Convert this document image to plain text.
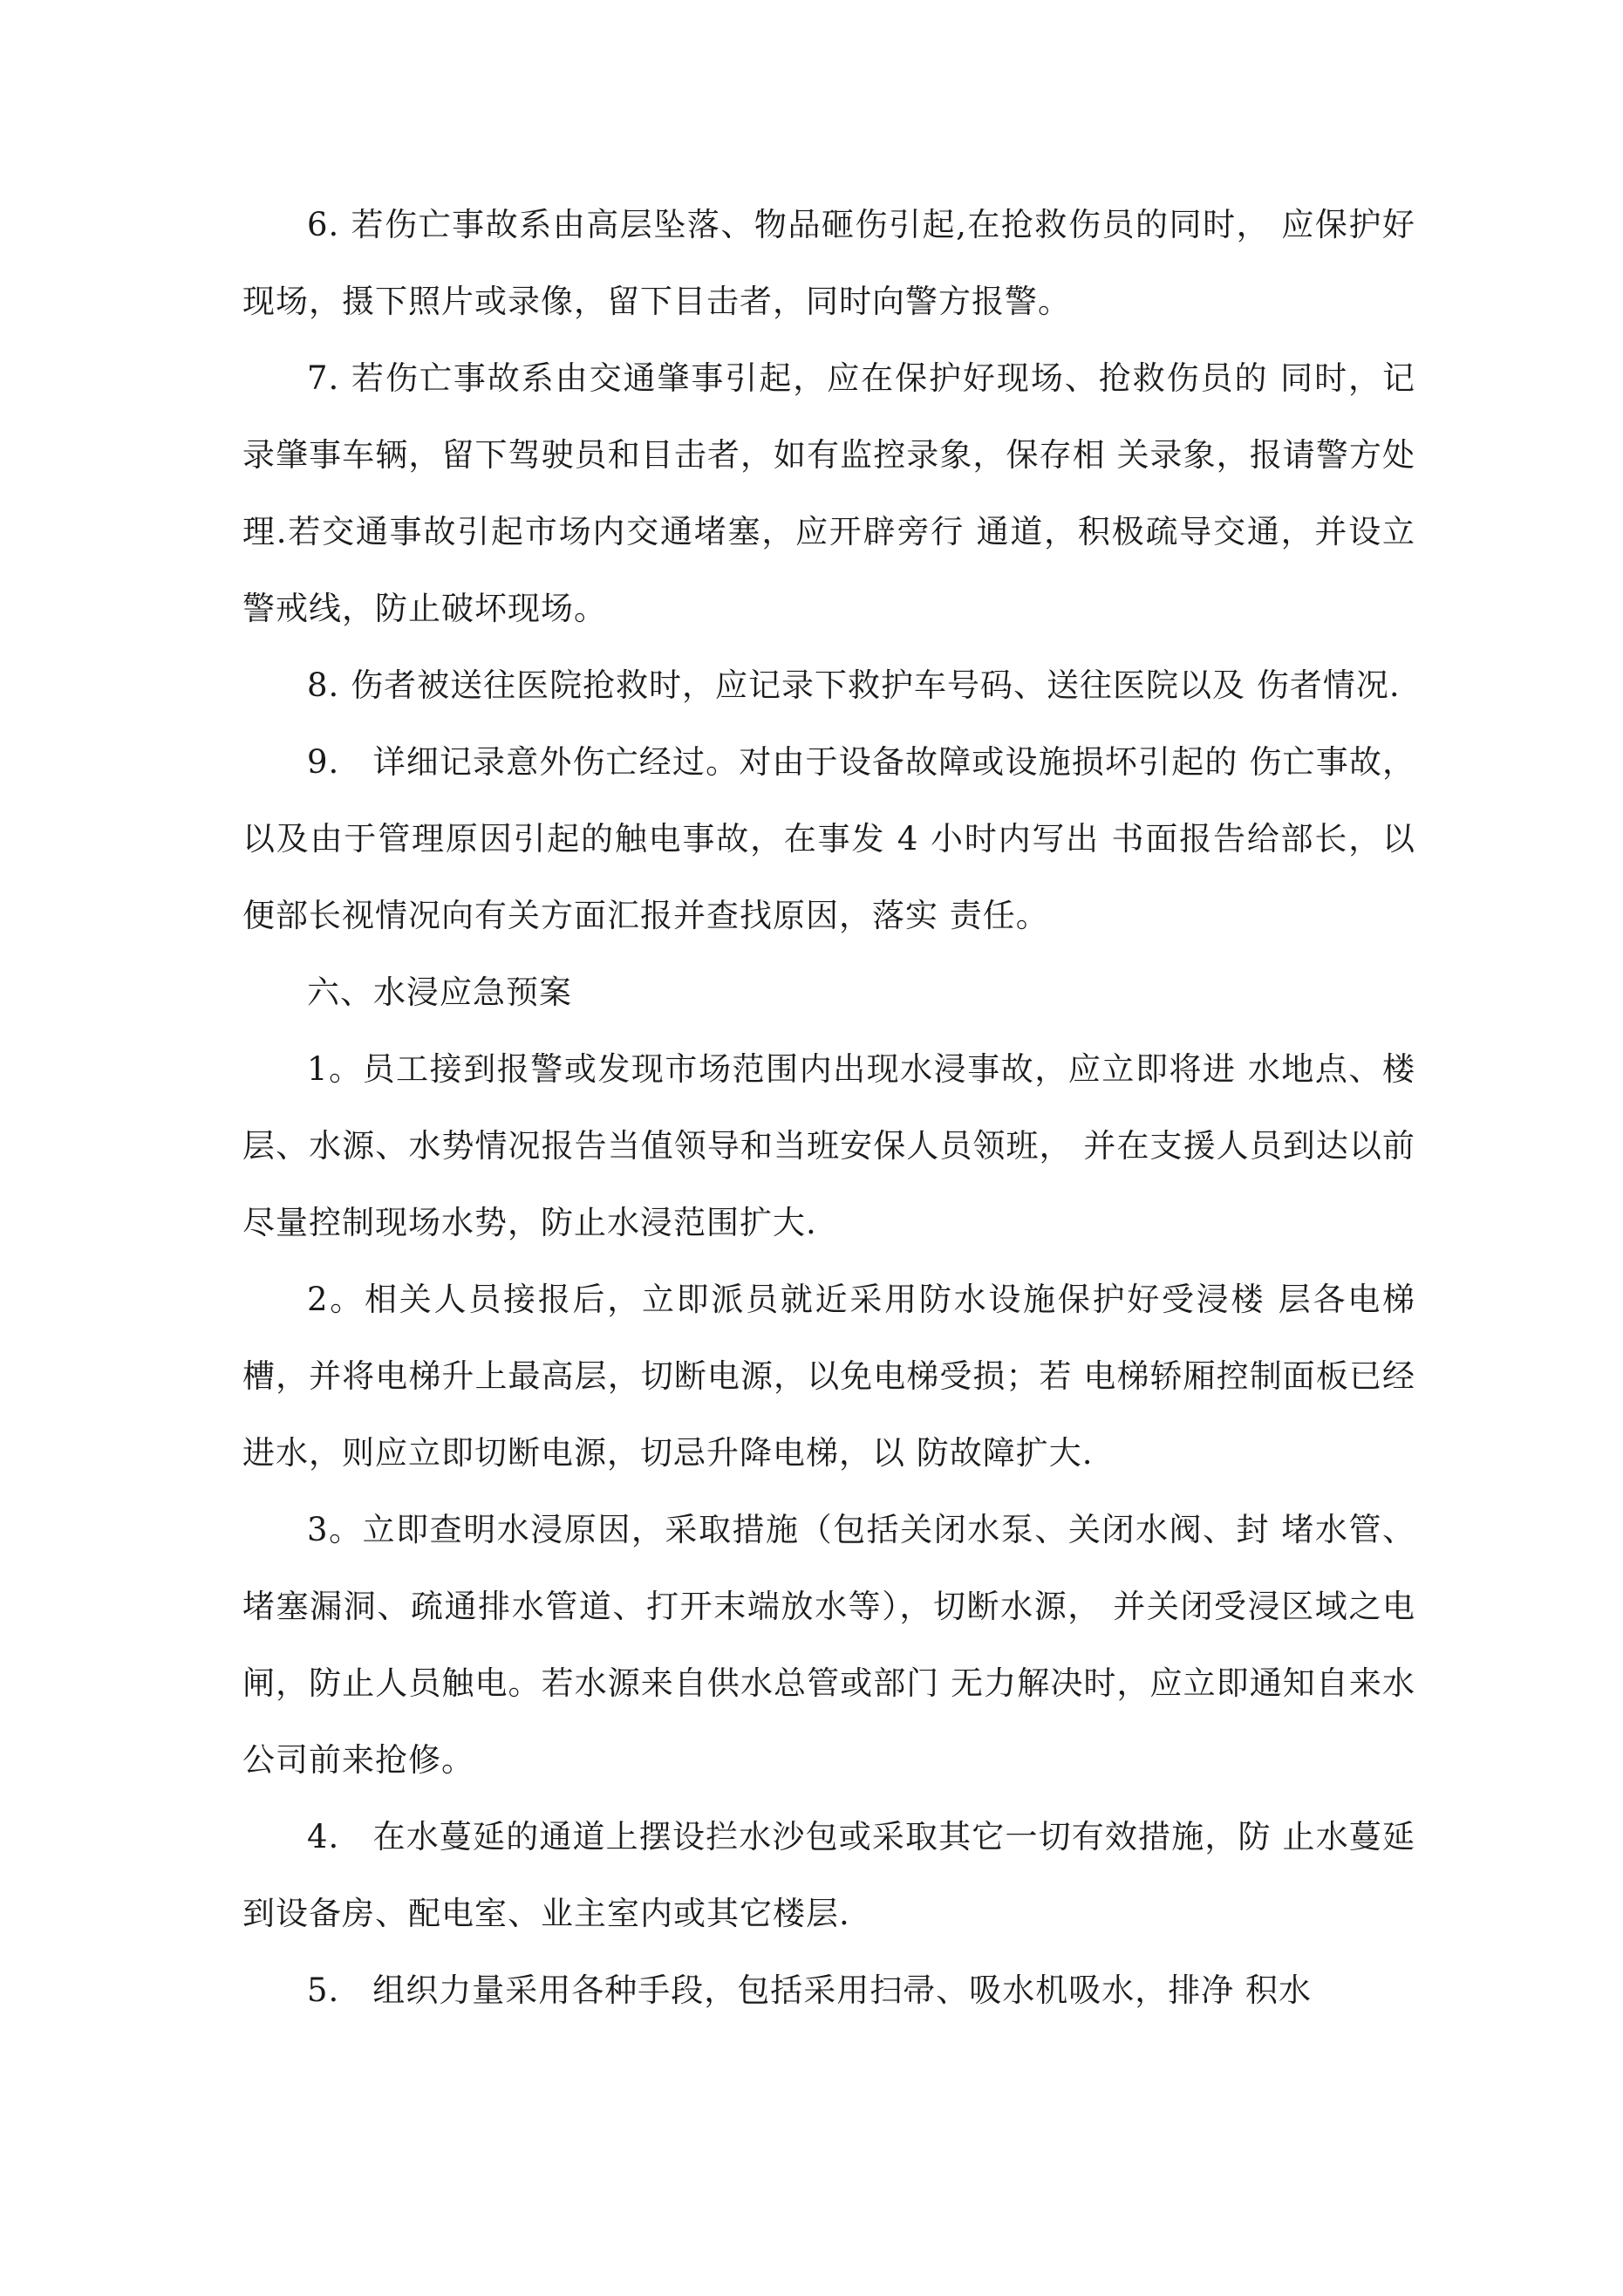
6. 若伤亡事故系由高层坠落、物品砸伤引起,在抢救伤员的同时， 应保护好现场，摄下照片或录像，留下目击者，同时向警方报警。

7. 若伤亡事故系由交通肇事引起，应在保护好现场、抢救伤员的 同时，记录肇事车辆，留下驾驶员和目击者，如有监控录象，保存相 关录象，报请警方处理.若交通事故引起市场内交通堵塞，应开辟旁行 通道，积极疏导交通，并设立警戒线，防止破坏现场。

8. 伤者被送往医院抢救时，应记录下救护车号码、送往医院以及 伤者情况.

9.　详细记录意外伤亡经过。对由于设备故障或设施损坏引起的 伤亡事故，以及由于管理原因引起的触电事故，在事发 4 小时内写出 书面报告给部长，以便部长视情况向有关方面汇报并查找原因，落实 责任。

六、水浸应急预案

1。员工接到报警或发现市场范围内出现水浸事故，应立即将进 水地点、楼层、水源、水势情况报告当值领导和当班安保人员领班， 并在支援人员到达以前尽量控制现场水势，防止水浸范围扩大.

2。相关人员接报后，立即派员就近采用防水设施保护好受浸楼 层各电梯槽，并将电梯升上最高层，切断电源，以免电梯受损；若 电梯轿厢控制面板已经进水，则应立即切断电源，切忌升降电梯，以 防故障扩大.

3。立即查明水浸原因，采取措施（包括关闭水泵、关闭水阀、封 堵水管、堵塞漏洞、疏通排水管道、打开末端放水等），切断水源， 并关闭受浸区域之电闸，防止人员触电。若水源来自供水总管或部门 无力解决时，应立即通知自来水公司前来抢修。

4.　在水蔓延的通道上摆设拦水沙包或采取其它一切有效措施，防 止水蔓延到设备房、配电室、业主室内或其它楼层.

5.　组织力量采用各种手段，包括采用扫帚、吸水机吸水，排净 积水
